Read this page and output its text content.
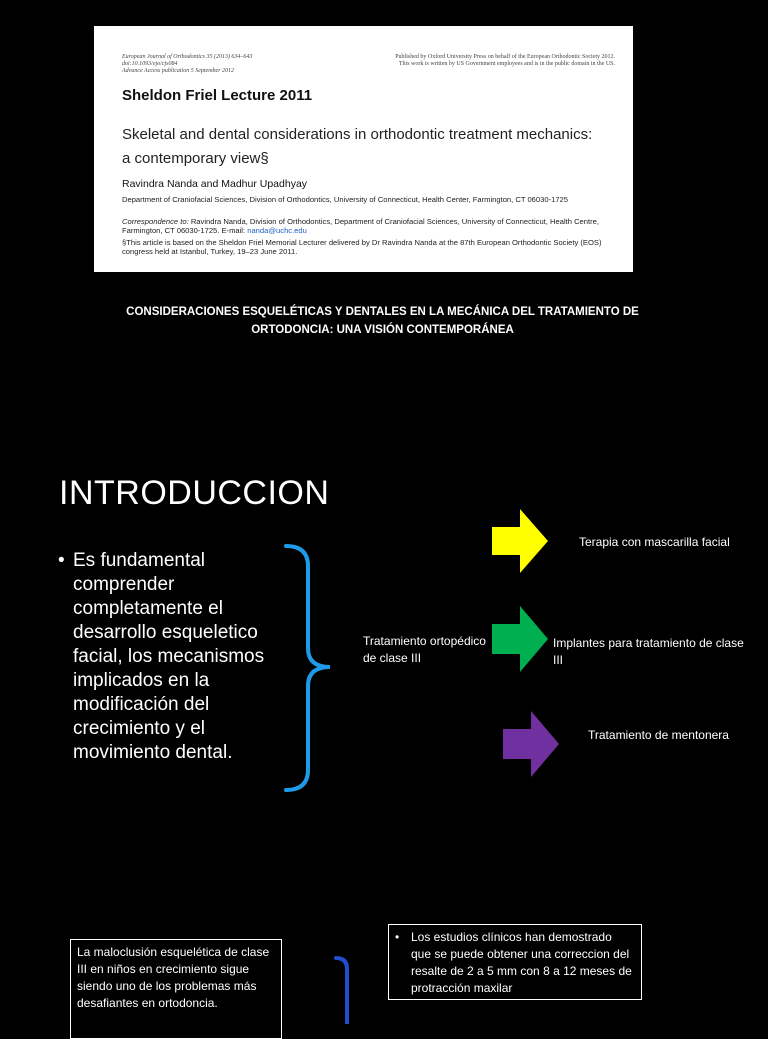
European Journal of Orthodontics 35 (2013) 634–643
doi:10.1093/ejo/cjs084
Advance Access publication 5 September 2012
Published by Oxford University Press on behalf of the European Orthodontic Society 2012.
This work is written by US Government employees and is in the public domain in the US.
Sheldon Friel Lecture 2011
Skeletal and dental considerations in orthodontic treatment mechanics: a contemporary view§
Ravindra Nanda and Madhur Upadhyay
Department of Craniofacial Sciences, Division of Orthodontics, University of Connecticut, Health Center, Farmington, CT 06030-1725
Correspondence to: Ravindra Nanda, Division of Orthodontics, Department of Craniofacial Sciences, University of Connecticut, Health Centre, Farmington, CT 06030-1725. E-mail: nanda@uchc.edu
§This article is based on the Sheldon Friel Memorial Lecturer delivered by Dr Ravindra Nanda at the 87th European Orthodontic Society (EOS) congress held at Istanbul, Turkey, 19–23 June 2011.
CONSIDERACIONES ESQUELÉTICAS Y DENTALES EN LA MECÁNICA DEL TRATAMIENTO DE ORTODONCIA: UNA VISIÓN CONTEMPORÁNEA
INTRODUCCION
• Es fundamental comprender completamente el desarrollo esqueletico facial, los mecanismos implicados en la modificación del crecimiento y el movimiento dental.
Tratamiento ortopédico de clase III
Terapia con mascarilla facial
Implantes para tratamiento de clase III
Tratamiento de mentonera
La maloclusión esquelética de clase III en niños en crecimiento sigue siendo uno de los problemas más desafiantes en ortodoncia.
• Los estudios clínicos han demostrado que se puede obtener una correccion del resalte de 2 a 5 mm con 8 a 12 meses de protracción maxilar
